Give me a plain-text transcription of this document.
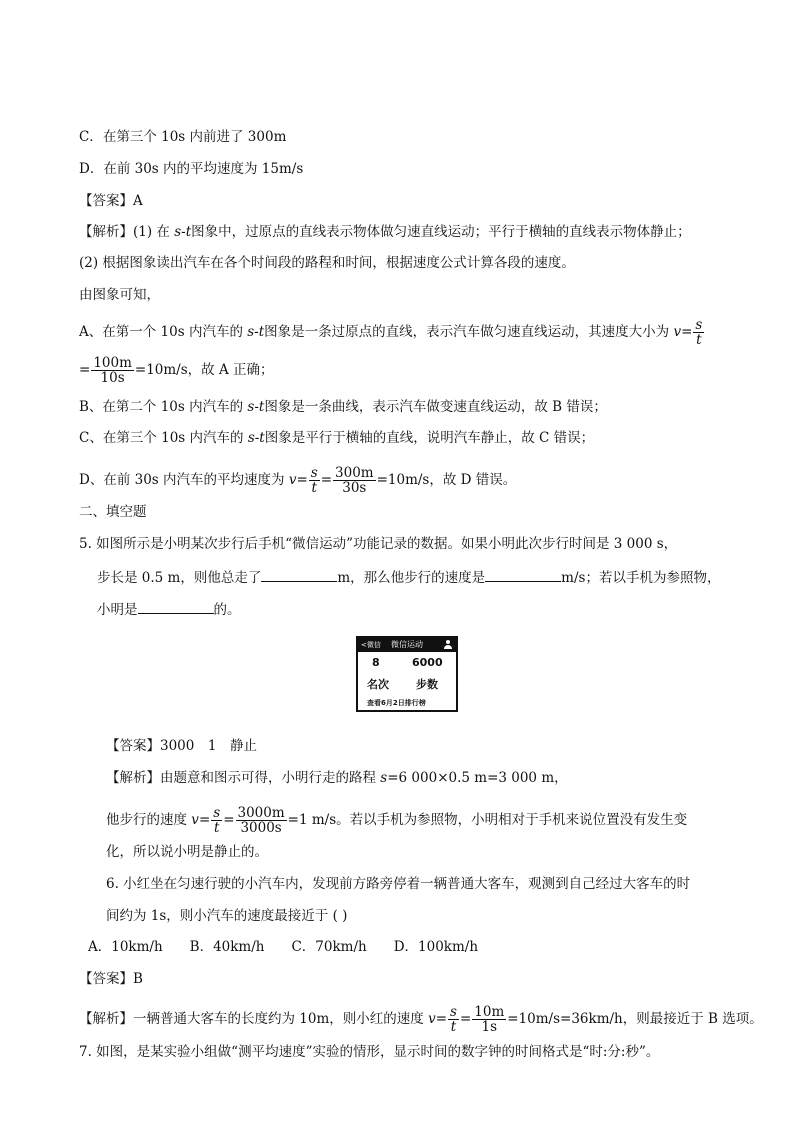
C．在第三个 10s 内前进了 300m
D．在前 30s 内的平均速度为 15m/s
【答案】A
【解析】(1) 在 s-t图象中，过原点的直线表示物体做匀速直线运动；平行于横轴的直线表示物体静止；
(2) 根据图象读出汽车在各个时间段的路程和时间，根据速度公式计算各段的速度。
由图象可知，
A、在第一个 10s 内汽车的 s-t图象是一条过原点的直线，表示汽车做匀速直线运动，其速度大小为 $v= \frac{s}{t}$
= $\frac{100m}{10s} =10m/s$，故 A 正确；
B、在第二个 10s 内汽车的 s-t图象是一条曲线，表示汽车做变速直线运动，故 B 错误；
C、在第三个 10s 内汽车的 s-t图象是平行于横轴的直线，说明汽车静止，故 C 错误；
D、在前 30s 内汽车的平均速度为 $v= \frac{s}{t} = \frac{300m}{30s} =10m/s$，故 D 错误。
二、填空题
5. 如图所示是小明某次步行后手机“微信运动”功能记录的数据。如果小明此次步行时间是 3 000 s，
步长是 0.5 m，则他总走了	m，那么他步行的速度是	m/s；若以手机为参照物，
小明是	的。
<微信 微信运动
8	6000
名次 步数
查看6月2日排行榜
【答案】3000　1　静止
【解析】由题意和图示可得，小明行走的路程 s=6 000×0.5 m=3 000 m，
他步行的速度 $v= \frac{s}{t} = \frac{3000m}{3000s} =1$ m/s。若以手机为参照物，小明相对于手机来说位置没有发生变
化，所以说小明是静止的。
6. 小红坐在匀速行驶的小汽车内，发现前方路旁停着一辆普通大客车，观测到自己经过大客车的时
间约为 1s，则小汽车的速度最接近于 ( )
A．10km/h　　B．40km/h　　C．70km/h　　D．100km/h
【答案】B
【解析】一辆普通大客车的长度约为 10m，则小红的速度 $v= \frac{s}{t} = \frac{10m}{1s} =10m/s=36km/h$，则最接近于 B 选项。
7. 如图，是某实验小组做“测平均速度”实验的情形，显示时间的数字钟的时间格式是“时:分:秒”。
